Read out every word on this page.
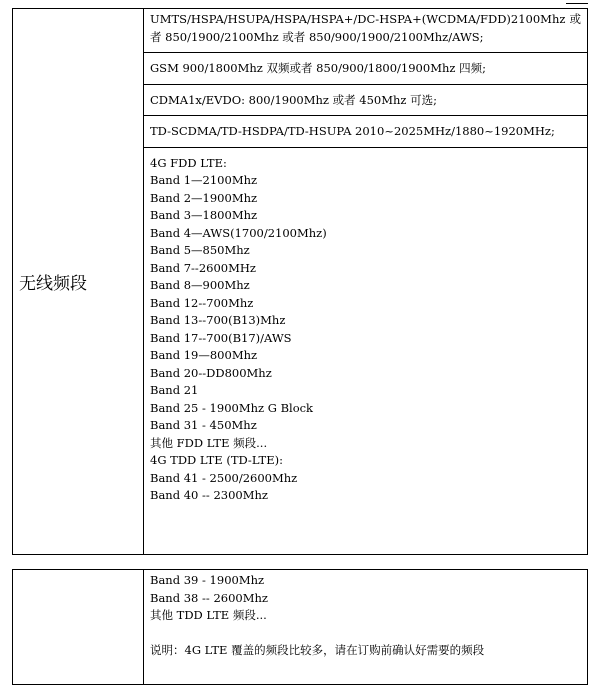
无线频段

UMTS/HSPA/HSUPA/HSPA/HSPA+/DC-HSPA+(WCDMA/FDD)2100Mhz 或者 850/1900/2100Mhz 或者 850/900/1900/2100Mhz/AWS;

GSM 900/1800Mhz 双频或者 850/900/1800/1900Mhz 四频;

CDMA1x/EVDO: 800/1900Mhz 或者 450Mhz 可选;

TD-SCDMA/TD-HSDPA/TD-HSUPA 2010~2025MHz/1880~1920MHz;

4G FDD LTE:
Band 1—2100Mhz
Band 2—1900Mhz
Band 3—1800Mhz
Band 4—AWS(1700/2100Mhz)
Band 5—850Mhz
Band 7--2600MHz
Band 8—900Mhz
Band 12--700Mhz
Band 13--700(B13)Mhz
Band 17--700(B17)/AWS
Band 19—800Mhz
Band 20--DD800Mhz
Band 21
Band 25 - 1900Mhz G Block
Band 31 - 450Mhz
其他 FDD LTE 频段...
4G TDD LTE (TD-LTE):
Band 41 - 2500/2600Mhz
Band 40 -- 2300Mhz

Band 39 - 1900Mhz
Band 38 -- 2600Mhz
其他 TDD LTE 频段...
说明：4G LTE 覆盖的频段比较多，请在订购前确认好需要的频段
